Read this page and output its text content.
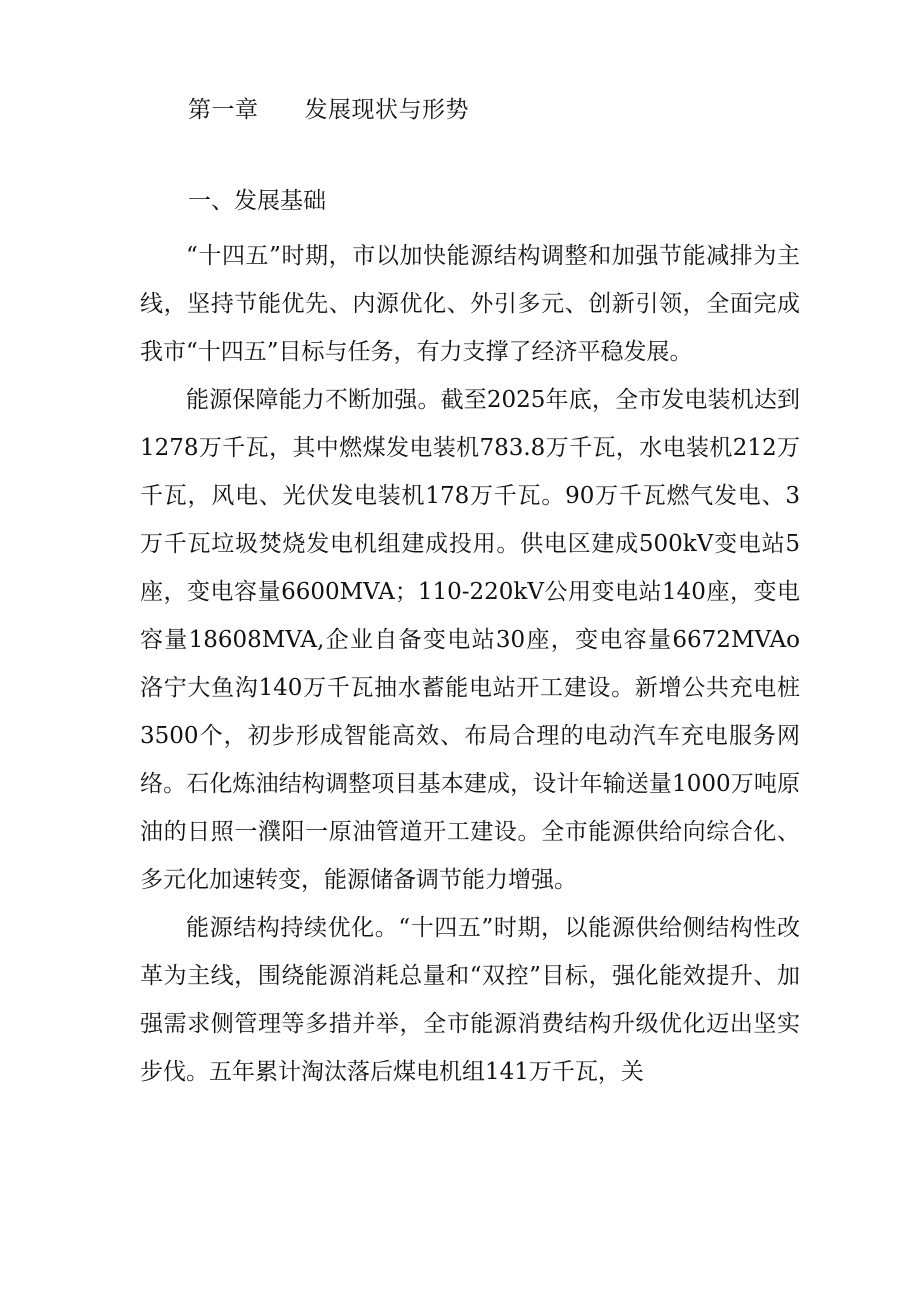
第一章 发展现状与形势
一、发展基础

“十四五”时期，市以加快能源结构调整和加强节能减排为主线，坚持节能优先、内源优化、外引多元、创新引领，全面完成我市“十四五”目标与任务，有力支撑了经济平稳发展。

能源保障能力不断加强。截至2025年底，全市发电装机达到1278万千瓦，其中燃煤发电装机783.8万千瓦，水电装机212万千瓦，风电、光伏发电装机178万千瓦。90万千瓦燃气发电、3万千瓦垃圾焚烧发电机组建成投用。供电区建成500kV变电站5座，变电容量6600MVA；110-220kV公用变电站140座，变电容量18608MVA,企业自备变电站30座，变电容量6672MVAo洛宁大鱼沟140万千瓦抽水蓄能电站开工建设。新增公共充电桩3500个，初步形成智能高效、布局合理的电动汽车充电服务网络。石化炼油结构调整项目基本建成，设计年输送量1000万吨原油的日照一濮阳一原油管道开工建设。全市能源供给向综合化、多元化加速转变，能源储备调节能力增强。

能源结构持续优化。“十四五”时期，以能源供给侧结构性改革为主线，围绕能源消耗总量和“双控”目标，强化能效提升、加强需求侧管理等多措并举，全市能源消费结构升级优化迈出坚实步伐。五年累计淘汰落后煤电机组141万千瓦，关
